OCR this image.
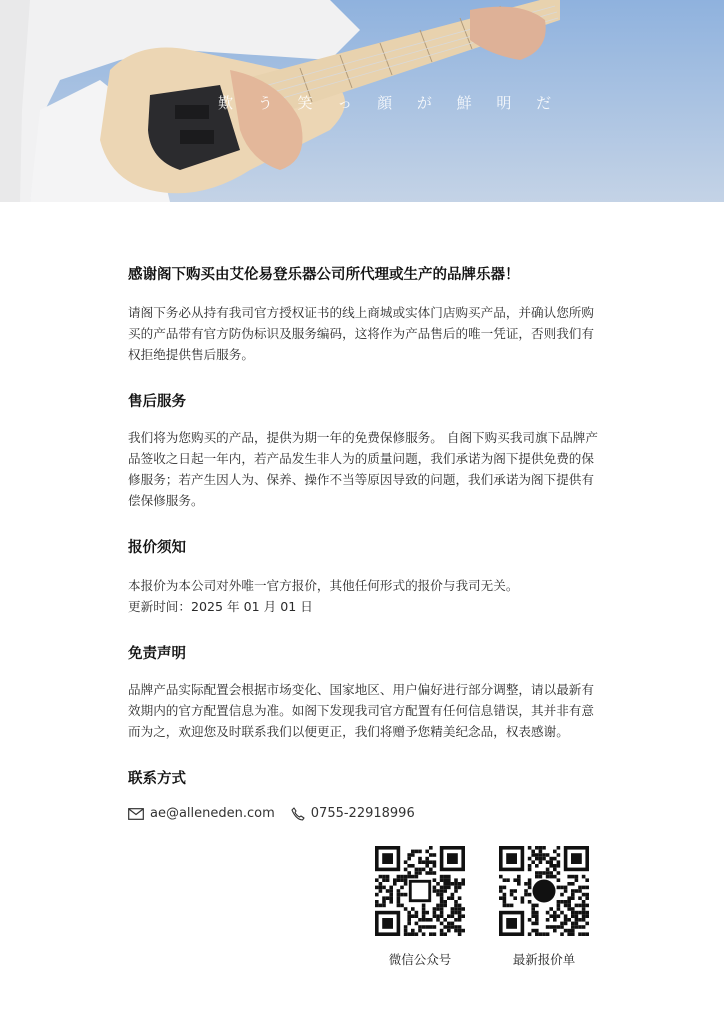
歎 う 笑 っ 顔 が 鮮 明 だ

感谢阁下购买由艾伦易登乐器公司所代理或生产的品牌乐器！

请阁下务必从持有我司官方授权证书的线上商城或实体门店购买产品，并确认您所购买的产品带有官方防伪标识及服务编码，这将作为产品售后的唯一凭证，否则我们有权拒绝提供售后服务。

售后服务

我们将为您购买的产品，提供为期一年的免费保修服务。 自阁下购买我司旗下品牌产品签收之日起一年内，若产品发生非人为的质量问题，我们承诺为阁下提供免费的保修服务；若产生因人为、保养、操作不当等原因导致的问题，我们承诺为阁下提供有偿保修服务。

报价须知

本报价为本公司对外唯一官方报价，其他任何形式的报价与我司无关。

更新时间：2025 年 01 月 01 日

免责声明

品牌产品实际配置会根据市场变化、国家地区、用户偏好进行部分调整，请以最新有效期内的官方配置信息为准。如阁下发现我司官方配置有任何信息错误，其并非有意而为之，欢迎您及时联系我们以便更正，我们将赠予您精美纪念品，权表感谢。

联系方式

ae@alleneden.com	0755-22918996
微信公众号	最新报价单
